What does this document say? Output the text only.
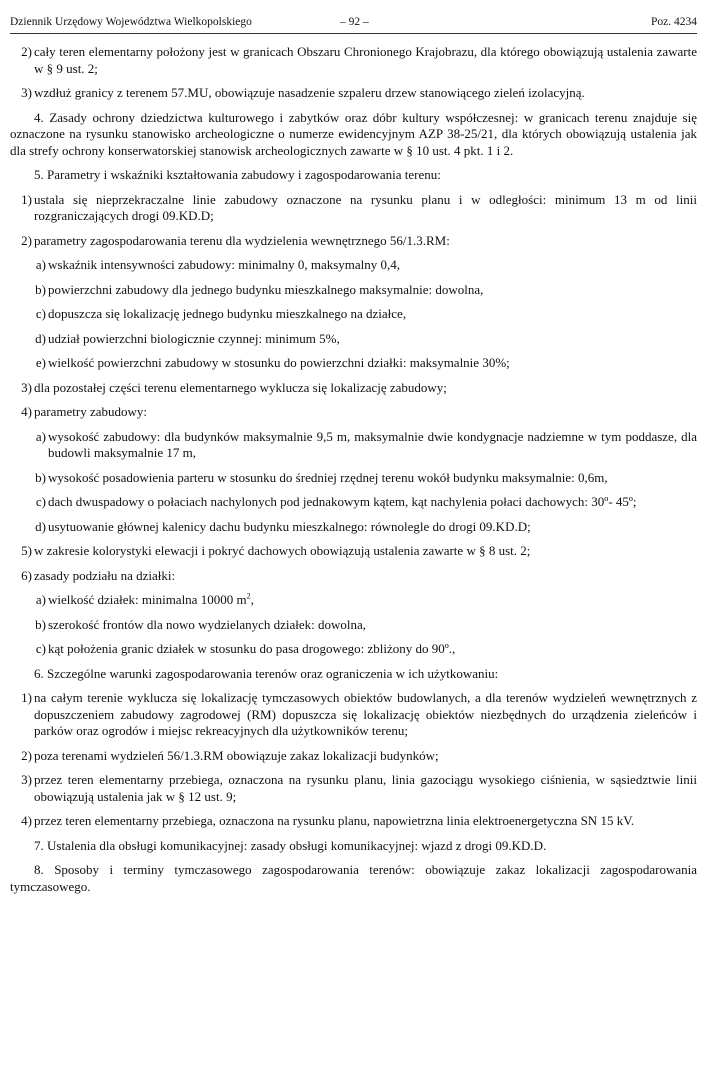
Dziennik Urzędowy Województwa Wielkopolskiego	– 92 –	Poz. 4234
2) cały teren elementarny położony jest w granicach Obszaru Chronionego Krajobrazu, dla którego obowiązują ustalenia zawarte w § 9 ust. 2;
3) wzdłuż granicy z terenem 57.MU, obowiązuje nasadzenie szpaleru drzew stanowiącego zieleń izolacyjną.
4. Zasady ochrony dziedzictwa kulturowego i zabytków oraz dóbr kultury współczesnej: w granicach terenu znajduje się oznaczone na rysunku stanowisko archeologiczne o numerze ewidencyjnym AZP 38-25/21, dla których obowiązują ustalenia jak dla strefy ochrony konserwatorskiej stanowisk archeologicznych zawarte w § 10 ust. 4 pkt. 1 i 2.
5. Parametry i wskaźniki kształtowania zabudowy i zagospodarowania terenu:
1) ustala się nieprzekraczalne linie zabudowy oznaczone na rysunku planu i w odległości: minimum 13 m od linii rozgraniczających drogi 09.KD.D;
2) parametry zagospodarowania terenu dla wydzielenia wewnętrznego 56/1.3.RM:
a) wskaźnik intensywności zabudowy: minimalny 0, maksymalny 0,4,
b) powierzchni zabudowy dla jednego budynku mieszkalnego maksymalnie: dowolna,
c) dopuszcza się lokalizację jednego budynku mieszkalnego na działce,
d) udział powierzchni biologicznie czynnej: minimum 5%,
e) wielkość powierzchni zabudowy w stosunku do powierzchni działki: maksymalnie 30%;
3) dla pozostałej części terenu elementarnego wyklucza się lokalizację zabudowy;
4) parametry zabudowy:
a) wysokość zabudowy: dla budynków maksymalnie 9,5 m, maksymalnie dwie kondygnacje nadziemne w tym poddasze, dla budowli maksymalnie 17 m,
b) wysokość posadowienia parteru w stosunku do średniej rzędnej terenu wokół budynku maksymalnie: 0,6m,
c) dach dwuspadowy o połaciach nachylonych pod jednakowym kątem, kąt nachylenia połaci dachowych: 30º- 45º;
d) usytuowanie głównej kalenicy dachu budynku mieszkalnego: równolegle do drogi 09.KD.D;
5) w zakresie kolorystyki elewacji i pokryć dachowych obowiązują ustalenia zawarte w § 8 ust. 2;
6) zasady podziału na działki:
a) wielkość działek: minimalna 10000 $m^2$,
b) szerokość frontów dla nowo wydzielanych działek: dowolna,
c) kąt położenia granic działek w stosunku do pasa drogowego: zbliżony do 90º.,
6. Szczególne warunki zagospodarowania terenów oraz ograniczenia w ich użytkowaniu:
1) na całym terenie wyklucza się lokalizację tymczasowych obiektów budowlanych, a dla terenów wydzieleń wewnętrznych z dopuszczeniem zabudowy zagrodowej (RM) dopuszcza się lokalizację obiektów niezbędnych do urządzenia zieleńców i parków oraz ogrodów i miejsc rekreacyjnych dla użytkowników terenu;
2) poza terenami wydzieleń 56/1.3.RM obowiązuje zakaz lokalizacji budynków;
3) przez teren elementarny przebiega, oznaczona na rysunku planu, linia gazociągu wysokiego ciśnienia, w sąsiedztwie linii obowiązują ustalenia jak w § 12 ust. 9;
4) przez teren elementarny przebiega, oznaczona na rysunku planu, napowietrzna linia elektroenergetyczna SN 15 kV.
7. Ustalenia dla obsługi komunikacyjnej: zasady obsługi komunikacyjnej: wjazd z drogi 09.KD.D.
8. Sposoby i terminy tymczasowego zagospodarowania terenów: obowiązuje zakaz lokalizacji zagospodarowania tymczasowego.
